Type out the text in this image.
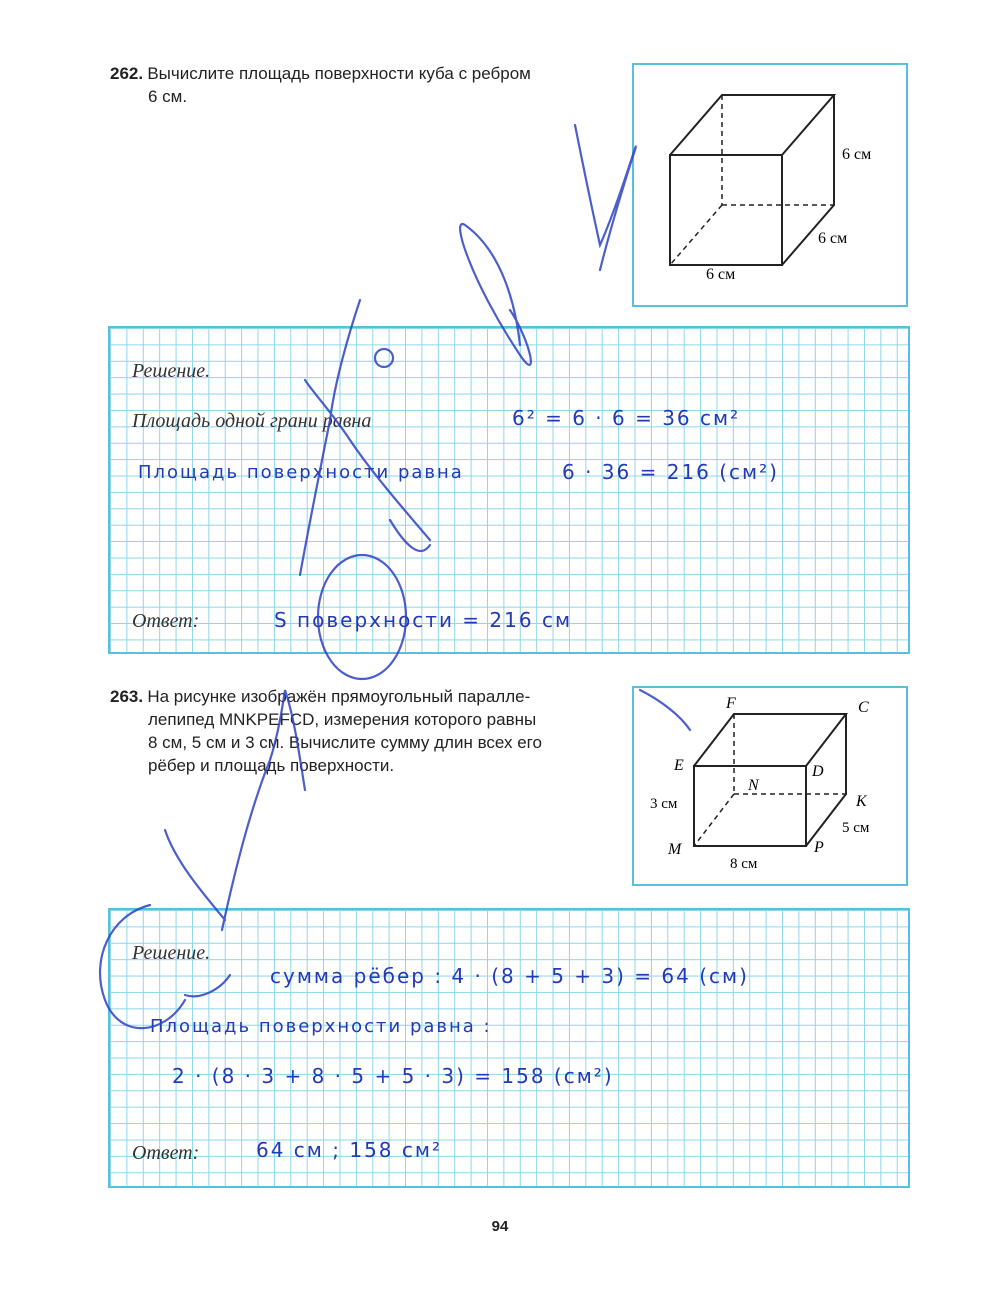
262. Вычислите площадь поверхности куба с ребром
6 см.
6 см
6 см
6 см
Решение.
Площадь одной грани равна	6² = 6 · 6 = 36 см²
Площадь поверхности равна	6 · 36 = 216 (см²)
Ответ:	S поверхности = 216 см
263. На рисунке изображён прямоугольный паралле-
лепипед MNKPEFCD, измерения которого равны
8 см, 5 см и 3 см. Вычислите сумму длин всех его
рёбер и площадь поверхности.
F	C
E	D
N
K
M	P
3 см
5 см
8 см
Решение.
сумма рёбер : 4 · (8 + 5 + 3) = 64 (см)
Площадь поверхности равна :
2 · (8 · 3 + 8 · 5 + 5 · 3) = 158 (см²)
Ответ:	64 см ; 158 см²
94
